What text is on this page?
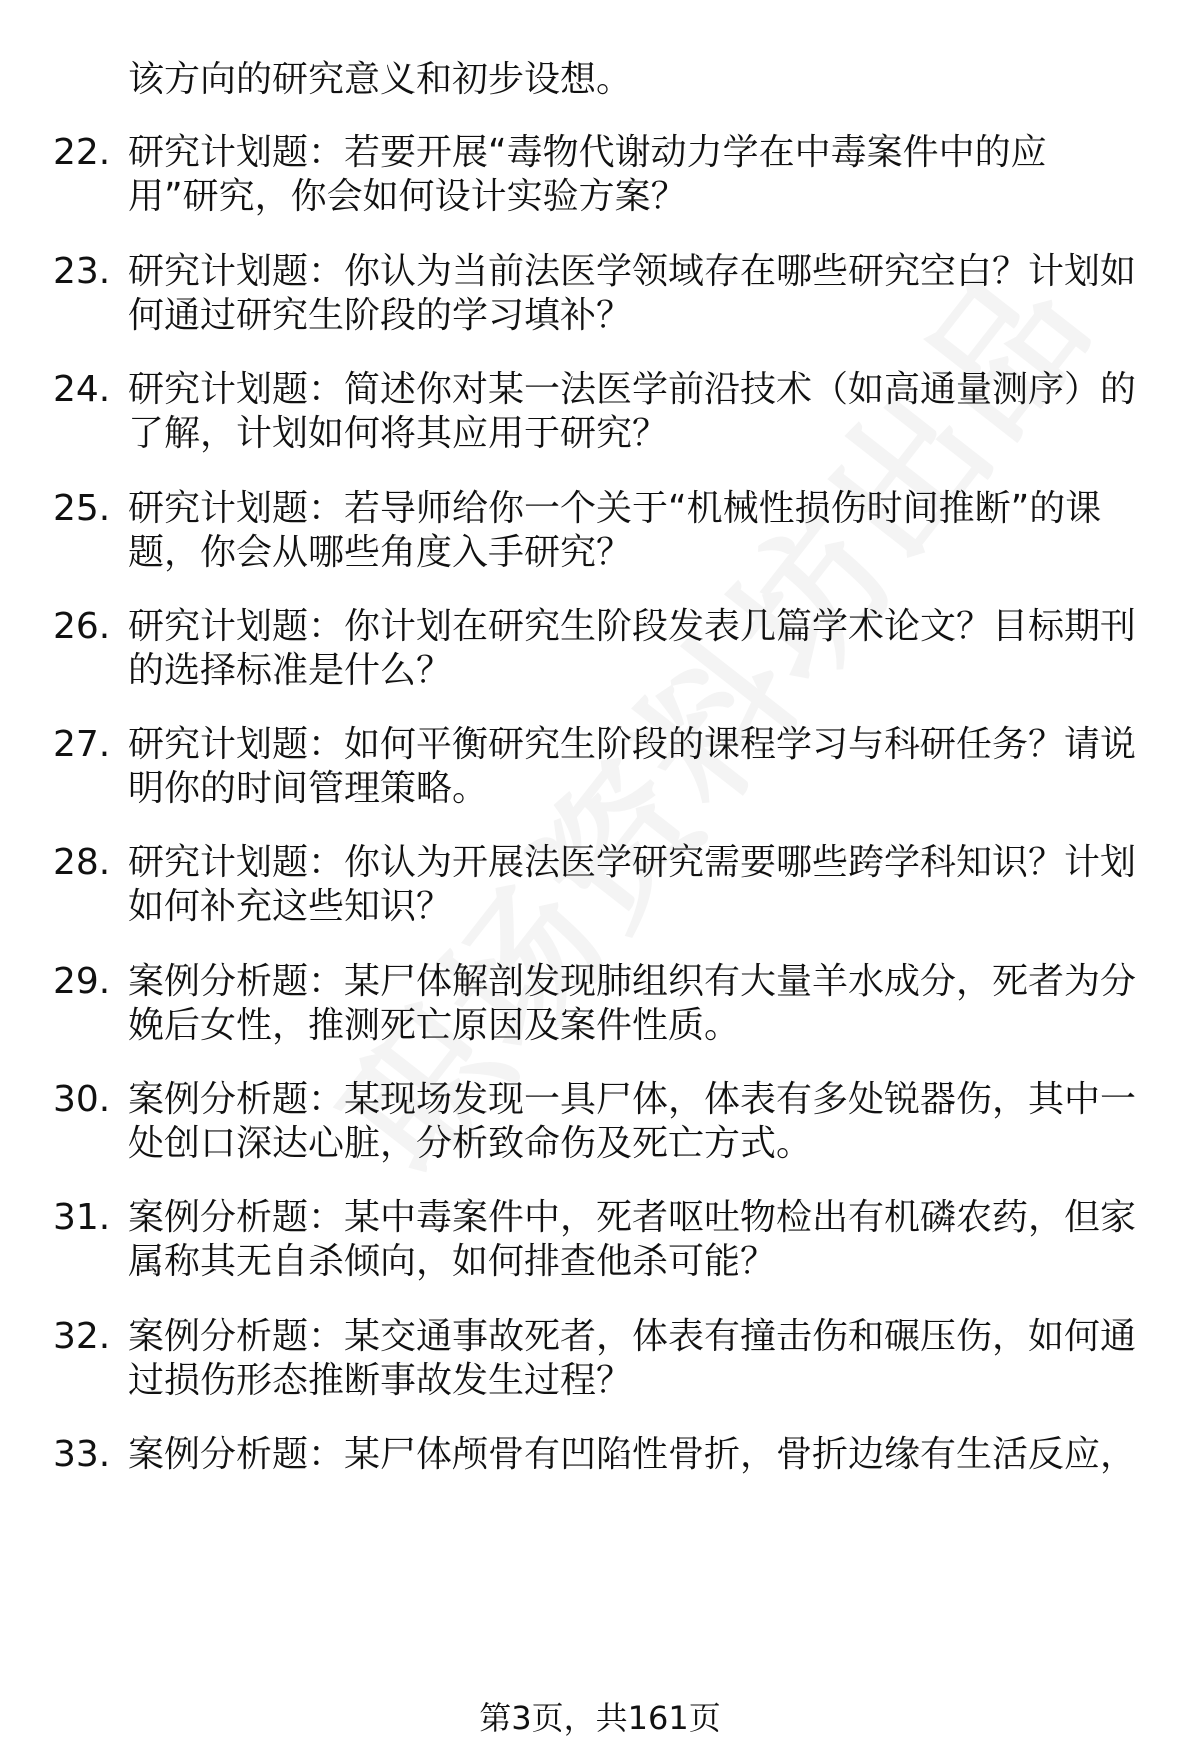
该方向的研究意义和初步设想。
22. 研究计划题：若要开展“毒物代谢动力学在中毒案件中的应
用”研究，你会如何设计实验方案？
23. 研究计划题：你认为当前法医学领域存在哪些研究空白？计划如
何通过研究生阶段的学习填补？
24. 研究计划题：简述你对某一法医学前沿技术（如高通量测序）的
了解，计划如何将其应用于研究？
25. 研究计划题：若导师给你一个关于“机械性损伤时间推断”的课
题，你会从哪些角度入手研究？
26. 研究计划题：你计划在研究生阶段发表几篇学术论文？目标期刊
的选择标准是什么？
27. 研究计划题：如何平衡研究生阶段的课程学习与科研任务？请说
明你的时间管理策略。
28. 研究计划题：你认为开展法医学研究需要哪些跨学科知识？计划
如何补充这些知识？
29. 案例分析题：某尸体解剖发现肺组织有大量羊水成分，死者为分
娩后女性，推测死亡原因及案件性质。
30. 案例分析题：某现场发现一具尸体，体表有多处锐器伤，其中一
处创口深达心脏，分析致命伤及死亡方式。
31. 案例分析题：某中毒案件中，死者呕吐物检出有机磷农药，但家
属称其无自杀倾向，如何排查他杀可能？
32. 案例分析题：某交通事故死者，体表有撞击伤和碾压伤，如何通
过损伤形态推断事故发生过程？
33. 案例分析题：某尸体颅骨有凹陷性骨折，骨折边缘有生活反应，
第3页，共161页
